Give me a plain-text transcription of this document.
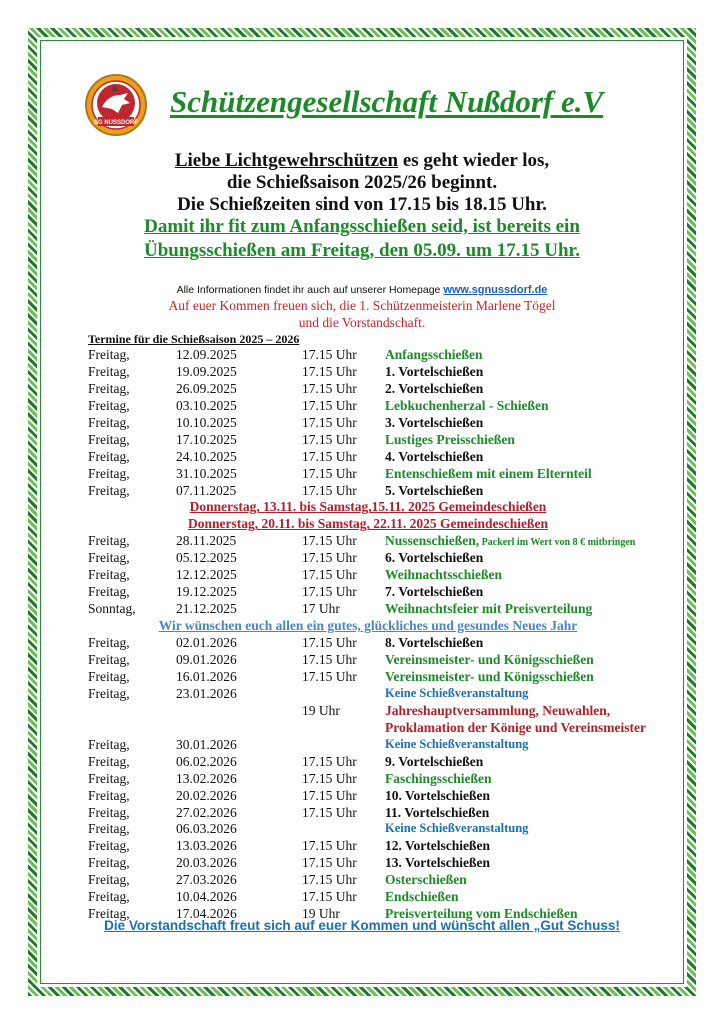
SG NUSSDORF
Schützengesellschaft Nußdorf e.V
Liebe Lichtgewehrschützen es geht wieder los,
die Schießsaison 2025/26 beginnt.
Die Schießzeiten sind von 17.15 bis 18.15 Uhr.
Damit ihr fit zum Anfangsschießen seid, ist bereits ein
Übungsschießen am Freitag, den 05.09. um 17.15 Uhr.
Alle Informationen findet ihr auch auf unserer Homepage www.sgnussdorf.de
Auf euer Kommen freuen sich, die 1. Schützenmeisterin Marlene Tögel
und die Vorstandschaft.
Termine für die Schießsaison 2025 – 2026
Freitag,	12.09.2025	17.15 Uhr Anfangsschießen
Freitag,	19.09.2025	17.15 Uhr 1. Vortelschießen
Freitag,	26.09.2025	17.15 Uhr 2. Vortelschießen
Freitag,	03.10.2025	17.15 Uhr Lebkuchenherzal - Schießen
Freitag,	10.10.2025	17.15 Uhr 3. Vortelschießen
Freitag,	17.10.2025	17.15 Uhr Lustiges Preisschießen
Freitag,	24.10.2025	17.15 Uhr 4. Vortelschießen
Freitag,	31.10.2025	17.15 Uhr Entenschießem mit einem Elternteil
Freitag,	07.11.2025	17.15 Uhr 5. Vortelschießen
Donnerstag, 13.11. bis Samstag,15.11. 2025 Gemeindeschießen
Donnerstag, 20.11. bis Samstag, 22.11. 2025 Gemeindeschießen
Freitag,	28.11.2025	17.15 Uhr Nussenschießen, Packerl im Wert von 8 € mitbringen
Freitag,	05.12.2025	17.15 Uhr 6. Vortelschießen
Freitag,	12.12.2025	17.15 Uhr Weihnachtsschießen
Freitag,	19.12.2025	17.15 Uhr 7. Vortelschießen
Sonntag,	21.12.2025	17 Uhr	Weihnachtsfeier mit Preisverteilung
Wir wünschen euch allen ein gutes, glückliches und gesundes Neues Jahr
Freitag,	02.01.2026	17.15 Uhr 8. Vortelschießen
Freitag,	09.01.2026	17.15 Uhr Vereinsmeister- und Königsschießen
Freitag,	16.01.2026	17.15 Uhr Vereinsmeister- und Königsschießen
Freitag,	23.01.2026	Keine Schießveranstaltung
19 Uhr	Jahreshauptversammlung, Neuwahlen,
Proklamation der Könige und Vereinsmeister
Freitag,	30.01.2026	Keine Schießveranstaltung
Freitag,	06.02.2026	17.15 Uhr 9. Vortelschießen
Freitag,	13.02.2026	17.15 Uhr Faschingsschießen
Freitag,	20.02.2026	17.15 Uhr 10. Vortelschießen
Freitag,	27.02.2026	17.15 Uhr 11. Vortelschießen
Freitag,	06.03.2026	Keine Schießveranstaltung
Freitag,	13.03.2026	17.15 Uhr 12. Vortelschießen
Freitag,	20.03.2026	17.15 Uhr 13. Vortelschießen
Freitag,	27.03.2026	17.15 Uhr Osterschießen
Freitag,	10.04.2026	17.15 Uhr Endschießen
Freitag,	17.04.2026	19 Uhr	Preisverteilung vom Endschießen
Die Vorstandschaft freut sich auf euer Kommen und wünscht allen „Gut Schuss!
